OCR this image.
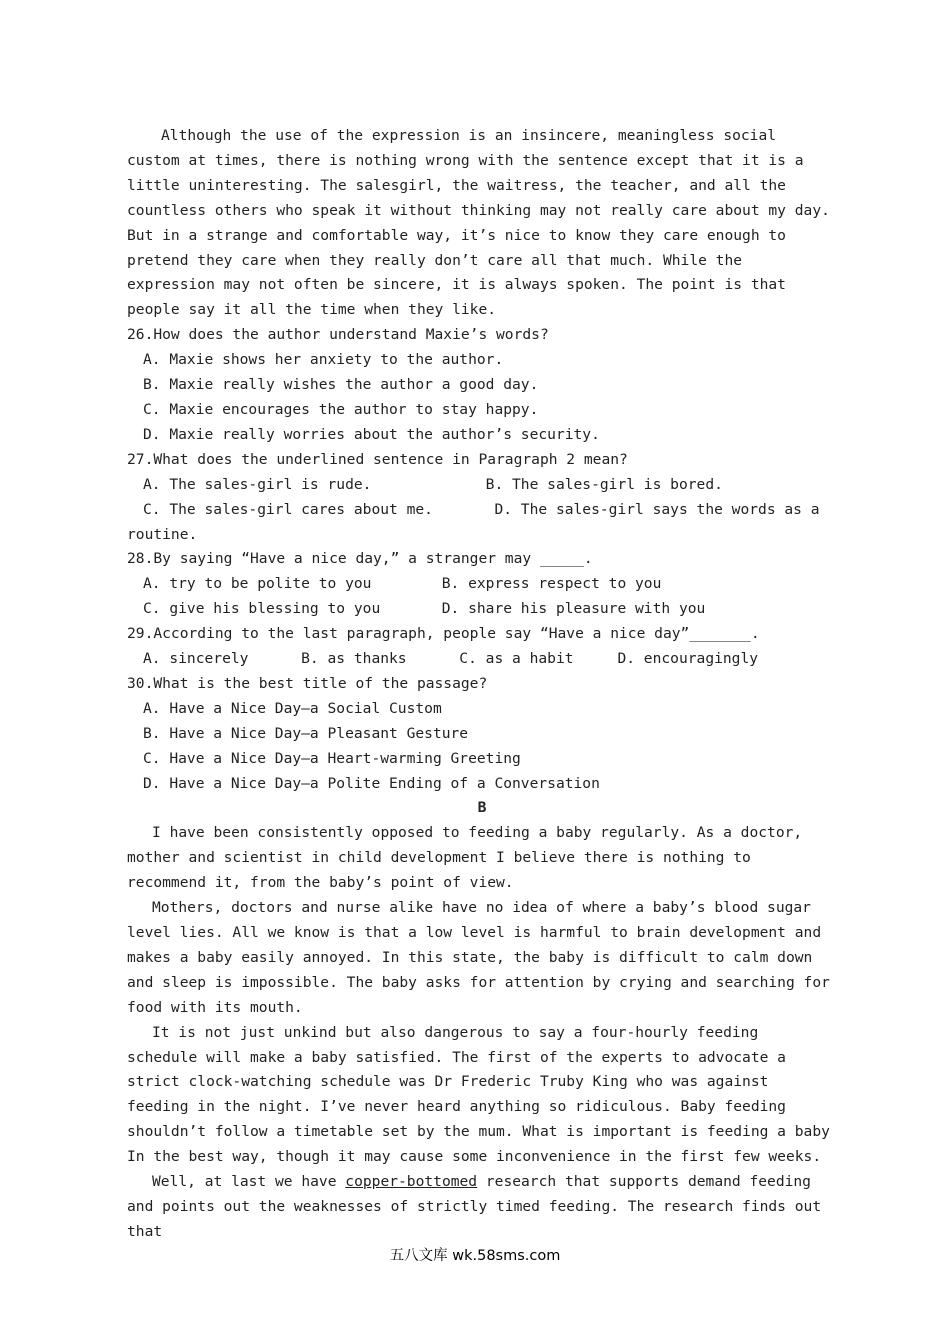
Although the use of the expression is an insincere, meaningless social custom at times, there is nothing wrong with the sentence except that it is a little uninteresting. The salesgirl, the waitress, the teacher, and all the countless others who speak it without thinking may not really care about my day. But in a strange and comfortable way, it’s nice to know they care enough to pretend they care when they really don’t care all that much. While the expression may not often be sincere, it is always spoken. The point is that people say it all the time when they like.

26.How does the author understand Maxie’s words?
A. Maxie shows her anxiety to the author.
B. Maxie really wishes the author a good day.
C. Maxie encourages the author to stay happy.
D. Maxie really worries about the author’s security.
27.What does the underlined sentence in Paragraph 2 mean?
A. The sales-girl is rude.             B. The sales-girl is bored.
C. The sales-girl cares about me.       D. The sales-girl says the words as a
routine.
28.By saying “Have a nice day,” a stranger may _____.
A. try to be polite to you        B. express respect to you
C. give his blessing to you       D. share his pleasure with you
29.According to the last paragraph, people say “Have a nice day”_______.
A. sincerely      B. as thanks      C. as a habit     D. encouragingly
30.What is the best title of the passage?
A. Have a Nice Day—a Social Custom
B. Have a Nice Day—a Pleasant Gesture
C. Have a Nice Day—a Heart-warming Greeting
D. Have a Nice Day—a Polite Ending of a Conversation
B

I have been consistently opposed to feeding a baby regularly. As a doctor, mother and scientist in child development I believe there is nothing to recommend it, from the baby’s point of view.

Mothers, doctors and nurse alike have no idea of where a baby’s blood sugar level lies. All we know is that a low level is harmful to brain development and makes a baby easily annoyed. In this state, the baby is difficult to calm down and sleep is impossible. The baby asks for attention by crying and searching for food with its mouth.

It is not just unkind but also dangerous to say a four-hourly feeding schedule will make a baby satisfied. The first of the experts to advocate a strict clock-watching schedule was Dr Frederic Truby King who was against feeding in the night. I’ve never heard anything so ridiculous. Baby feeding shouldn’t follow a timetable set by the mum. What is important is feeding a baby In the best way, though it may cause some inconvenience in the first few weeks.

Well, at last we have copper-bottomed research that supports demand feeding and points out the weaknesses of strictly timed feeding. The research finds out that

五八文库 wk.58sms.com
